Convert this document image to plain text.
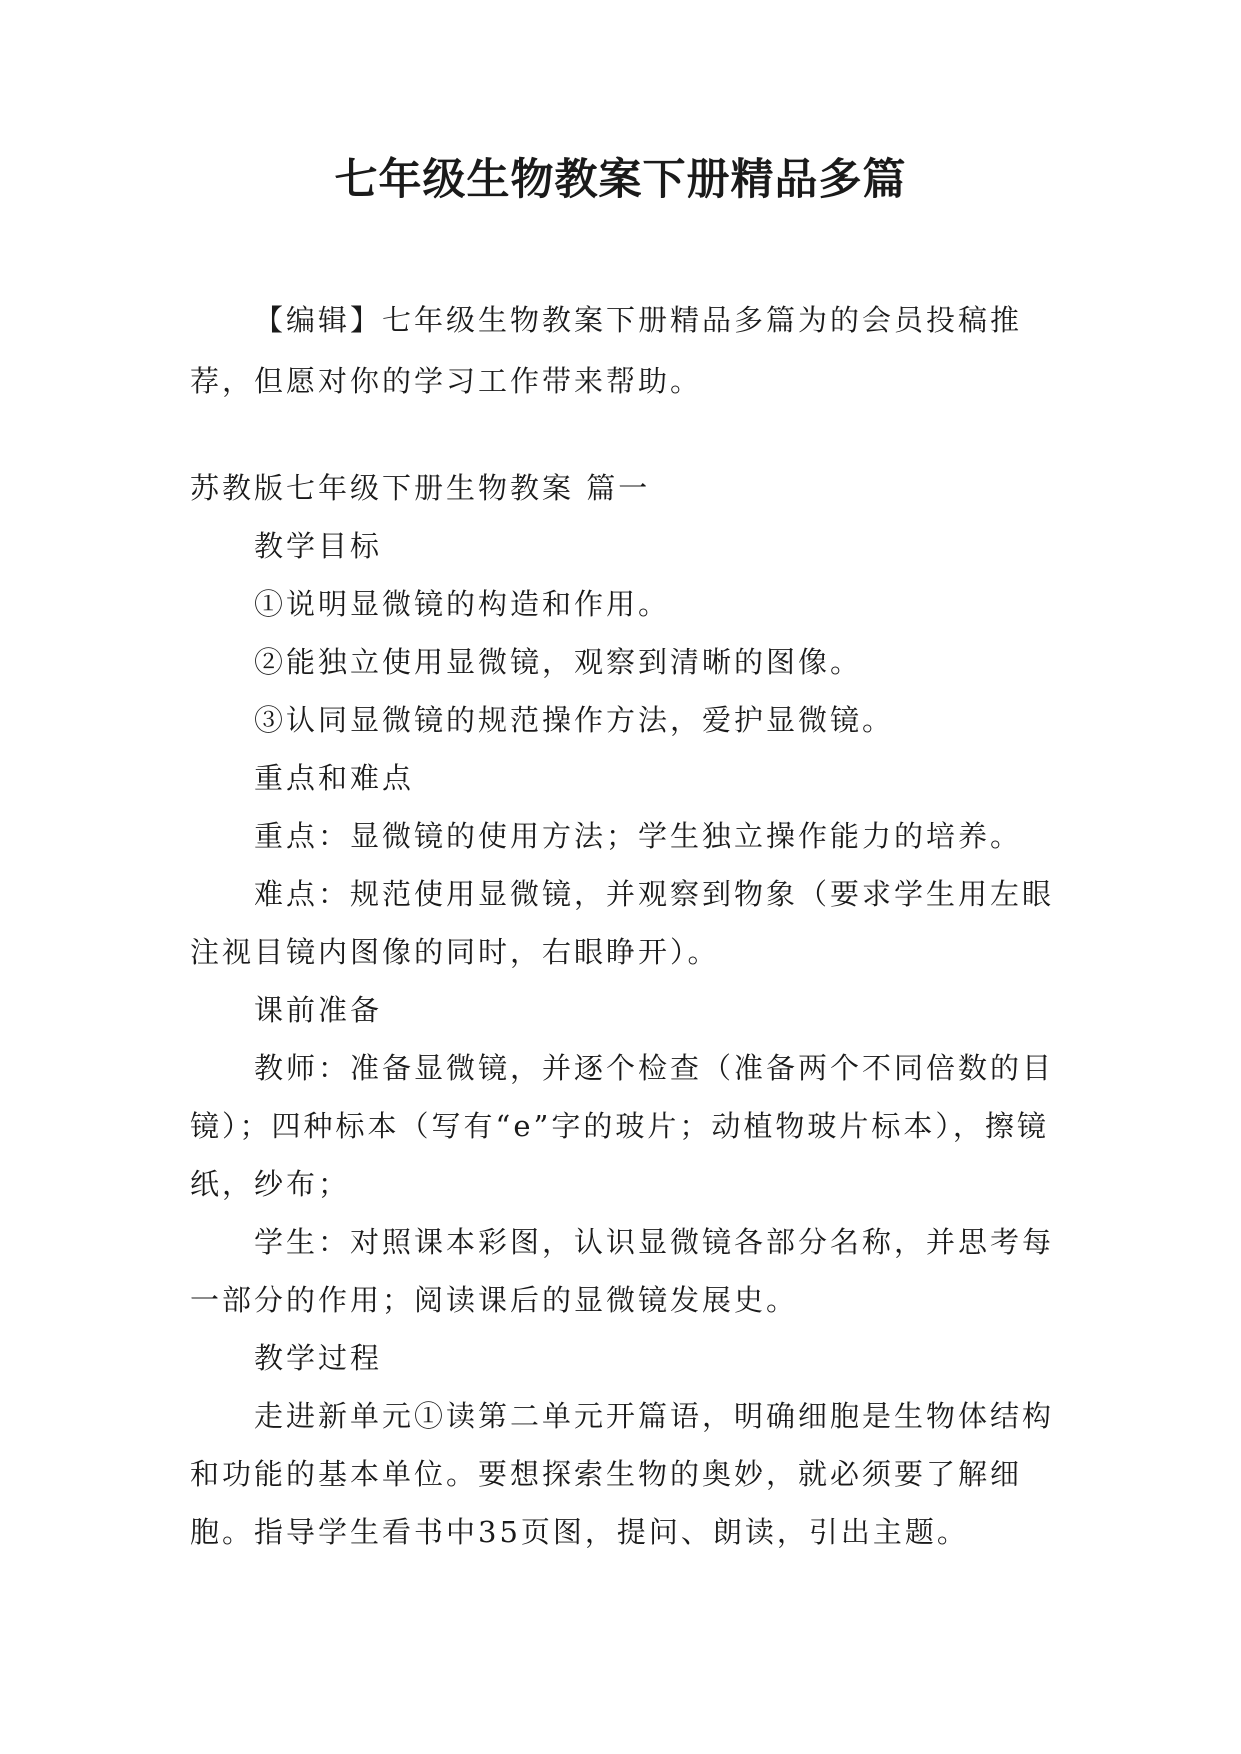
七年级生物教案下册精品多篇

【编辑】七年级生物教案下册精品多篇为的会员投稿推荐，但愿对你的学习工作带来帮助。

苏教版七年级下册生物教案 篇一

教学目标

①说明显微镜的构造和作用。

②能独立使用显微镜，观察到清晰的图像。

③认同显微镜的规范操作方法，爱护显微镜。

重点和难点

重点：显微镜的使用方法；学生独立操作能力的培养。

难点：规范使用显微镜，并观察到物象（要求学生用左眼注视目镜内图像的同时，右眼睁开）。

课前准备

教师：准备显微镜，并逐个检查（准备两个不同倍数的目镜）；四种标本（写有“e”字的玻片；动植物玻片标本），擦镜纸，纱布；

学生：对照课本彩图，认识显微镜各部分名称，并思考每一部分的作用；阅读课后的显微镜发展史。

教学过程

走进新单元①读第二单元开篇语，明确细胞是生物体结构和功能的基本单位。要想探索生物的奥妙，就必须要了解细胞。指导学生看书中35页图，提问、朗读，引出主题。
